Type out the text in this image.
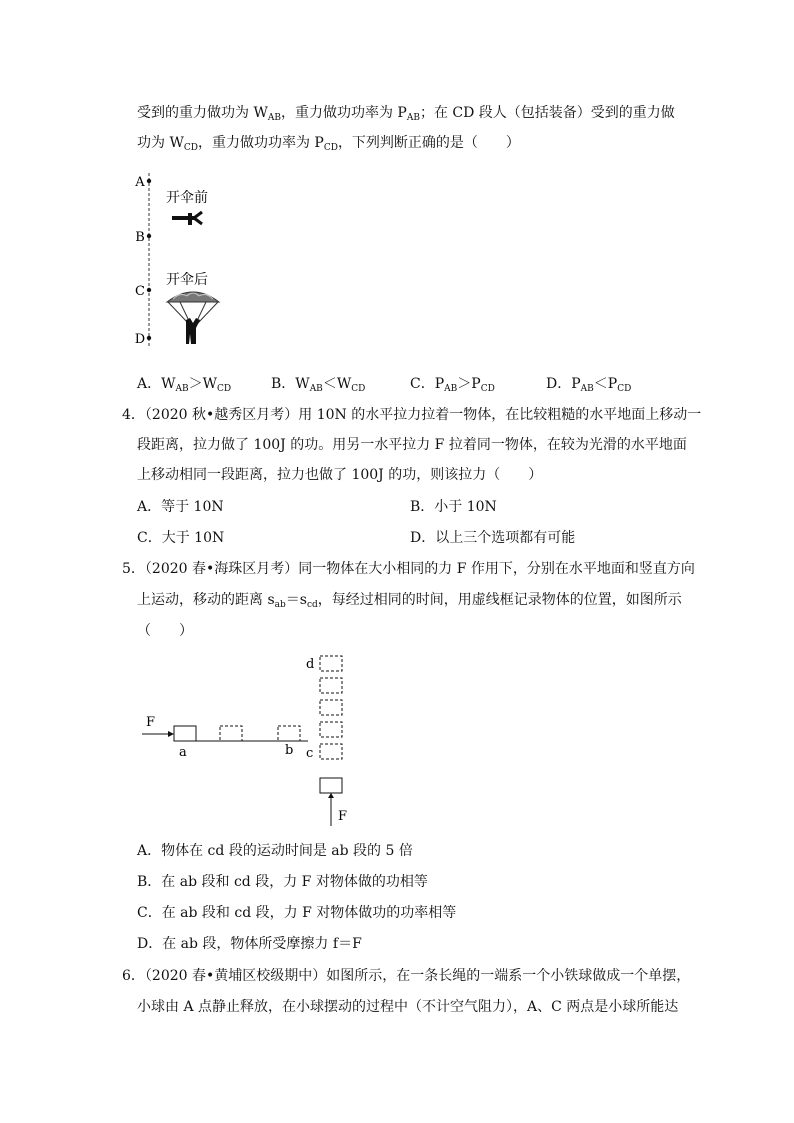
受到的重力做功为 $W_{AB}$，重力做功功率为 $P_{AB}$；在 CD 段人（包括装备）受到的重力做
功为 $W_{CD}$，重力做功功率为 $P_{CD}$，下列判断正确的是（　　）
A
B
C
D
开伞前
开伞后
A．$W_{AB}>W_{CD}$	B．$W_{AB}<W_{CD}$	C．$P_{AB}>P_{CD}$	D．$P_{AB}<P_{CD}$
4．（2020 秋•越秀区月考）用 10N 的水平拉力拉着一物体，在比较粗糙的水平地面上移动一
段距离，拉力做了 100J 的功。用另一水平拉力 F 拉着同一物体，在较为光滑的水平地面
上移动相同一段距离，拉力也做了 100J 的功，则该拉力（　　）
A．等于 10N	B．小于 10N
C．大于 10N	D．以上三个选项都有可能
5．（2020 春•海珠区月考）同一物体在大小相同的力 F 作用下，分别在水平地面和竖直方向
上运动，移动的距离 $s_{ab}=s_{cd}$，每经过相同的时间，用虚线框记录物体的位置，如图所示
（　　）
F
a	b
d
c
F
A．物体在 cd 段的运动时间是 ab 段的 5 倍
B．在 ab 段和 cd 段，力 F 对物体做的功相等
C．在 ab 段和 cd 段，力 F 对物体做功的功率相等
D．在 ab 段，物体所受摩擦力 f＝F
6．（2020 春•黄埔区校级期中）如图所示，在一条长绳的一端系一个小铁球做成一个单摆，
小球由 A 点静止释放，在小球摆动的过程中（不计空气阻力），A、C 两点是小球所能达
